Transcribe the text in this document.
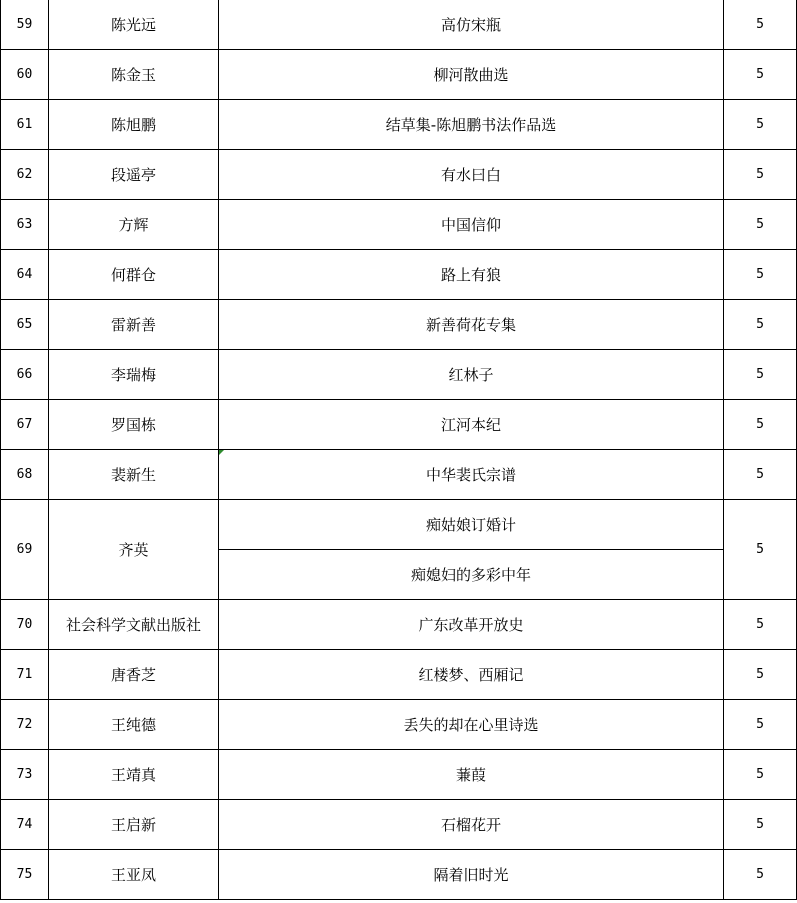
59	陈光远	高仿宋瓶	5
60	陈金玉	柳河散曲选	5
61	陈旭鹏	结草集-陈旭鹏书法作品选	5
62	段遥亭	有水曰白	5
63	方辉	中国信仰	5
64	何群仓	路上有狼	5
65	雷新善	新善荷花专集	5
66	李瑞梅	红林子	5
67	罗国栋	江河本纪	5
68	裴新生	中华裴氏宗谱	5
69	齐英	痴姑娘订婚计	5
		痴媳妇的多彩中年	
70	社会科学文献出版社	广东改革开放史	5
71	唐香芝	红楼梦、西厢记	5
72	王纯德	丢失的却在心里诗选	5
73	王靖真	蒹葭	5
74	王启新	石榴花开	5
75	王亚凤	隔着旧时光	5
